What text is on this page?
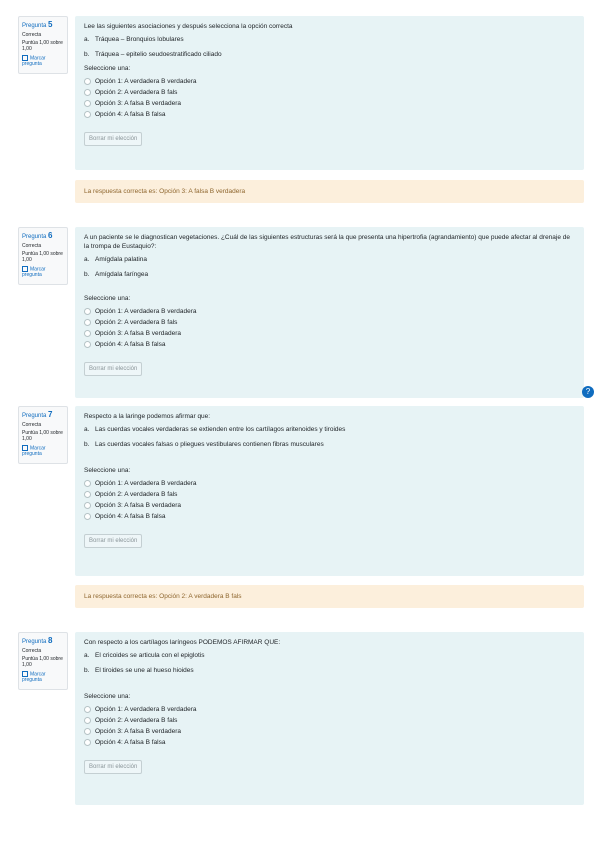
Pregunta 5
Correcta
Puntúa 1,00 sobre 1,00
Marcar pregunta
Lee las siguientes asociaciones y después selecciona la opción correcta
a. Tráquea – Bronquios lobulares
b. Tráquea – epitelio seudoestratificado ciliado
Seleccione una:
Opción 1: A verdadera B verdadera
Opción 2: A verdadera B fals
Opción 3: A falsa B verdadera
Opción 4: A falsa B falsa
Borrar mi elección
La respuesta correcta es: Opción 3: A falsa B verdadera
Pregunta 6
Correcta
Puntúa 1,00 sobre 1,00
Marcar pregunta
A un paciente se le diagnostican vegetaciones. ¿Cuál de las siguientes estructuras será la que presenta una hipertrofia (agrandamiento) que puede afectar al drenaje de la trompa de Eustaquio?:
a. Amígdala palatina
b. Amígdala faríngea
Seleccione una:
Opción 1: A verdadera B verdadera
Opción 2: A verdadera B fals
Opción 3: A falsa B verdadera
Opción 4: A falsa B falsa
Borrar mi elección
?
Pregunta 7
Correcta
Puntúa 1,00 sobre 1,00
Marcar pregunta
Respecto a la laringe podemos afirmar que:
a. Las cuerdas vocales verdaderas se extienden entre los cartílagos aritenoides y tiroides
b. Las cuerdas vocales falsas o pliegues vestibulares contienen fibras musculares
Seleccione una:
Opción 1: A verdadera B verdadera
Opción 2: A verdadera B fals
Opción 3: A falsa B verdadera
Opción 4: A falsa B falsa
Borrar mi elección
La respuesta correcta es: Opción 2: A verdadera B fals
Pregunta 8
Correcta
Puntúa 1,00 sobre 1,00
Marcar pregunta
Con respecto a los cartílagos laríngeos PODEMOS AFIRMAR QUE:
a. El cricoides se articula con el epiglotis
b. El tiroides se une al hueso hioides
Seleccione una:
Opción 1: A verdadera B verdadera
Opción 2: A verdadera B fals
Opción 3: A falsa B verdadera
Opción 4: A falsa B falsa
Borrar mi elección
